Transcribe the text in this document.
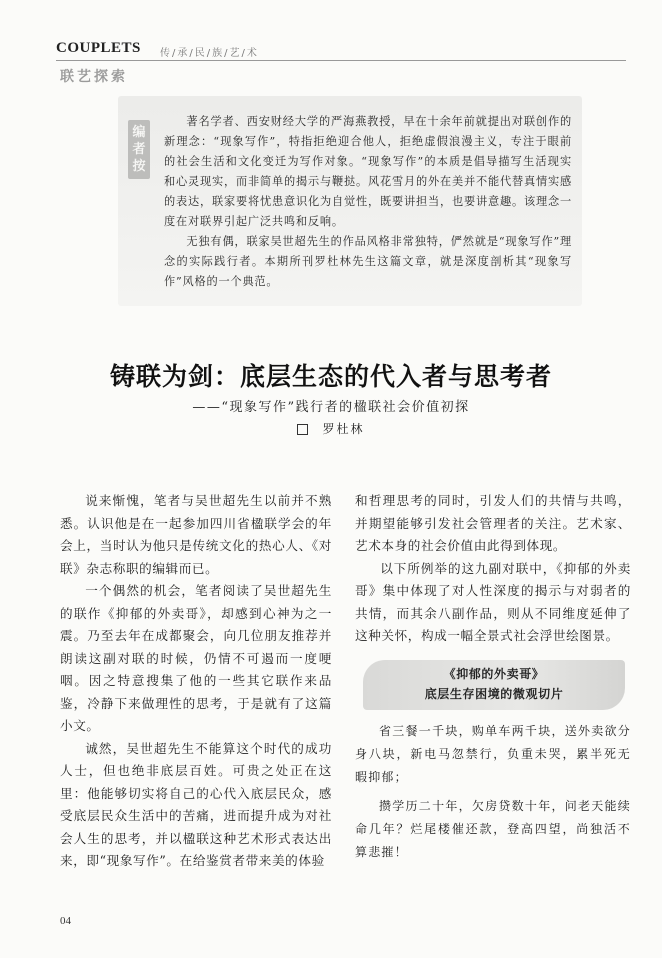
COUPLETS 传/承/民/族/艺/术
联艺探索
编者按

著名学者、西安财经大学的严海燕教授，早在十余年前就提出对联创作的新理念：“现象写作”，特指拒绝迎合他人，拒绝虚假浪漫主义，专注于眼前的社会生活和文化变迁为写作对象。“现象写作”的本质是倡导描写生活现实和心灵现实，而非简单的揭示与鞭挞。风花雪月的外在美并不能代替真情实感的表达，联家要将忧患意识化为自觉性，既要讲担当，也要讲意趣。该理念一度在对联界引起广泛共鸣和反响。

无独有偶，联家吴世超先生的作品风格非常独特，俨然就是“现象写作”理念的实际践行者。本期所刊罗杜林先生这篇文章，就是深度剖析其“现象写作”风格的一个典范。

铸联为剑：底层生态的代入者与思考者
——“现象写作”践行者的楹联社会价值初探
罗杜林

说来惭愧，笔者与吴世超先生以前并不熟悉。认识他是在一起参加四川省楹联学会的年会上，当时认为他只是传统文化的热心人、《对联》杂志称职的编辑而已。

一个偶然的机会，笔者阅读了吴世超先生的联作《抑郁的外卖哥》，却感到心神为之一震。乃至去年在成都聚会，向几位朋友推荐并朗读这副对联的时候，仍情不可遏而一度哽咽。因之特意搜集了他的一些其它联作来品鉴，冷静下来做理性的思考，于是就有了这篇小文。

诚然，吴世超先生不能算这个时代的成功人士，但也绝非底层百姓。可贵之处正在这里：他能够切实将自己的心代入底层民众，感受底层民众生活中的苦痛，进而提升成为对社会人生的思考，并以楹联这种艺术形式表达出来，即“现象写作”。在给鉴赏者带来美的体验

和哲理思考的同时，引发人们的共情与共鸣，并期望能够引发社会管理者的关注。艺术家、艺术本身的社会价值由此得到体现。

以下所例举的这九副对联中，《抑郁的外卖哥》集中体现了对人性深度的揭示与对弱者的共情，而其余八副作品，则从不同维度延伸了这种关怀，构成一幅全景式社会浮世绘图景。

《抑郁的外卖哥》
底层生存困境的微观切片

省三餐一千块，购单车两千块，送外卖欲分身八块，新电马忽禁行，负重未哭，累半死无暇抑郁；

攒学历二十年，欠房贷数十年，问老天能续命几年？烂尾楼催还款，登高四望，尚独活不算悲摧！

04
